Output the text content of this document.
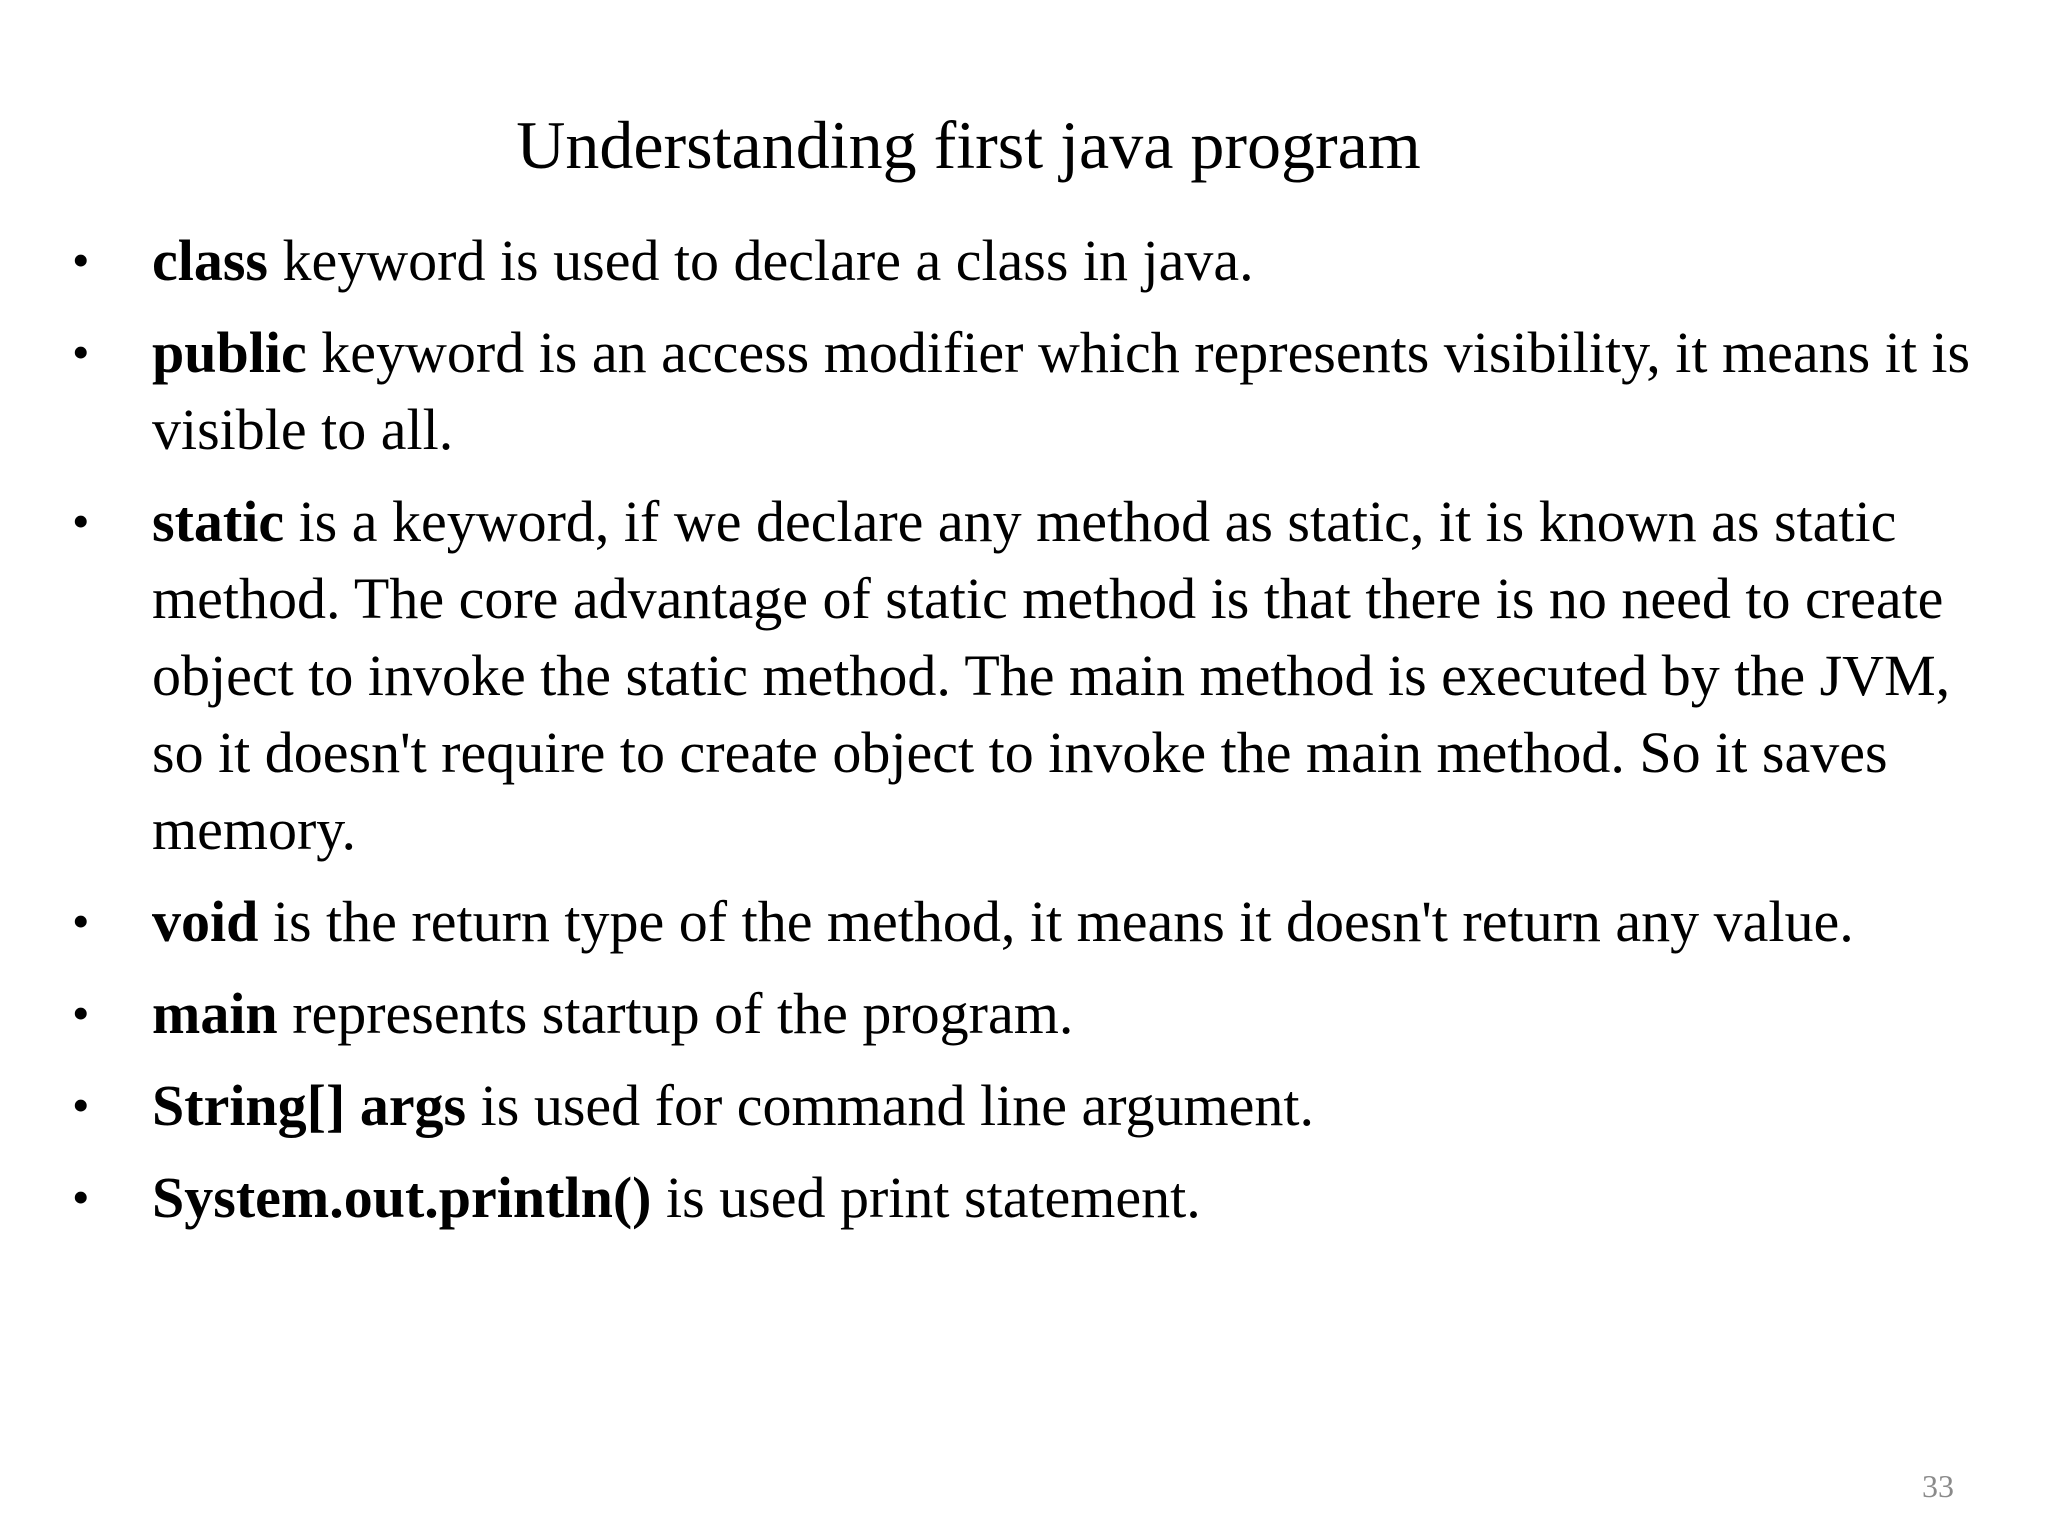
Understanding first java program
•	class keyword is used to declare a class in java.
•	public keyword is an access modifier which represents visibility, it means it is visible to all.
•	static is a keyword, if we declare any method as static, it is known as static method. The core advantage of static method is that there is no need to create object to invoke the static method. The main method is executed by the JVM, so it doesn't require to create object to invoke the main method. So it saves memory.
•	void is the return type of the method, it means it doesn't return any value.
•	main represents startup of the program.
•	String[] args is used for command line argument.
•	System.out.println() is used print statement.
33
